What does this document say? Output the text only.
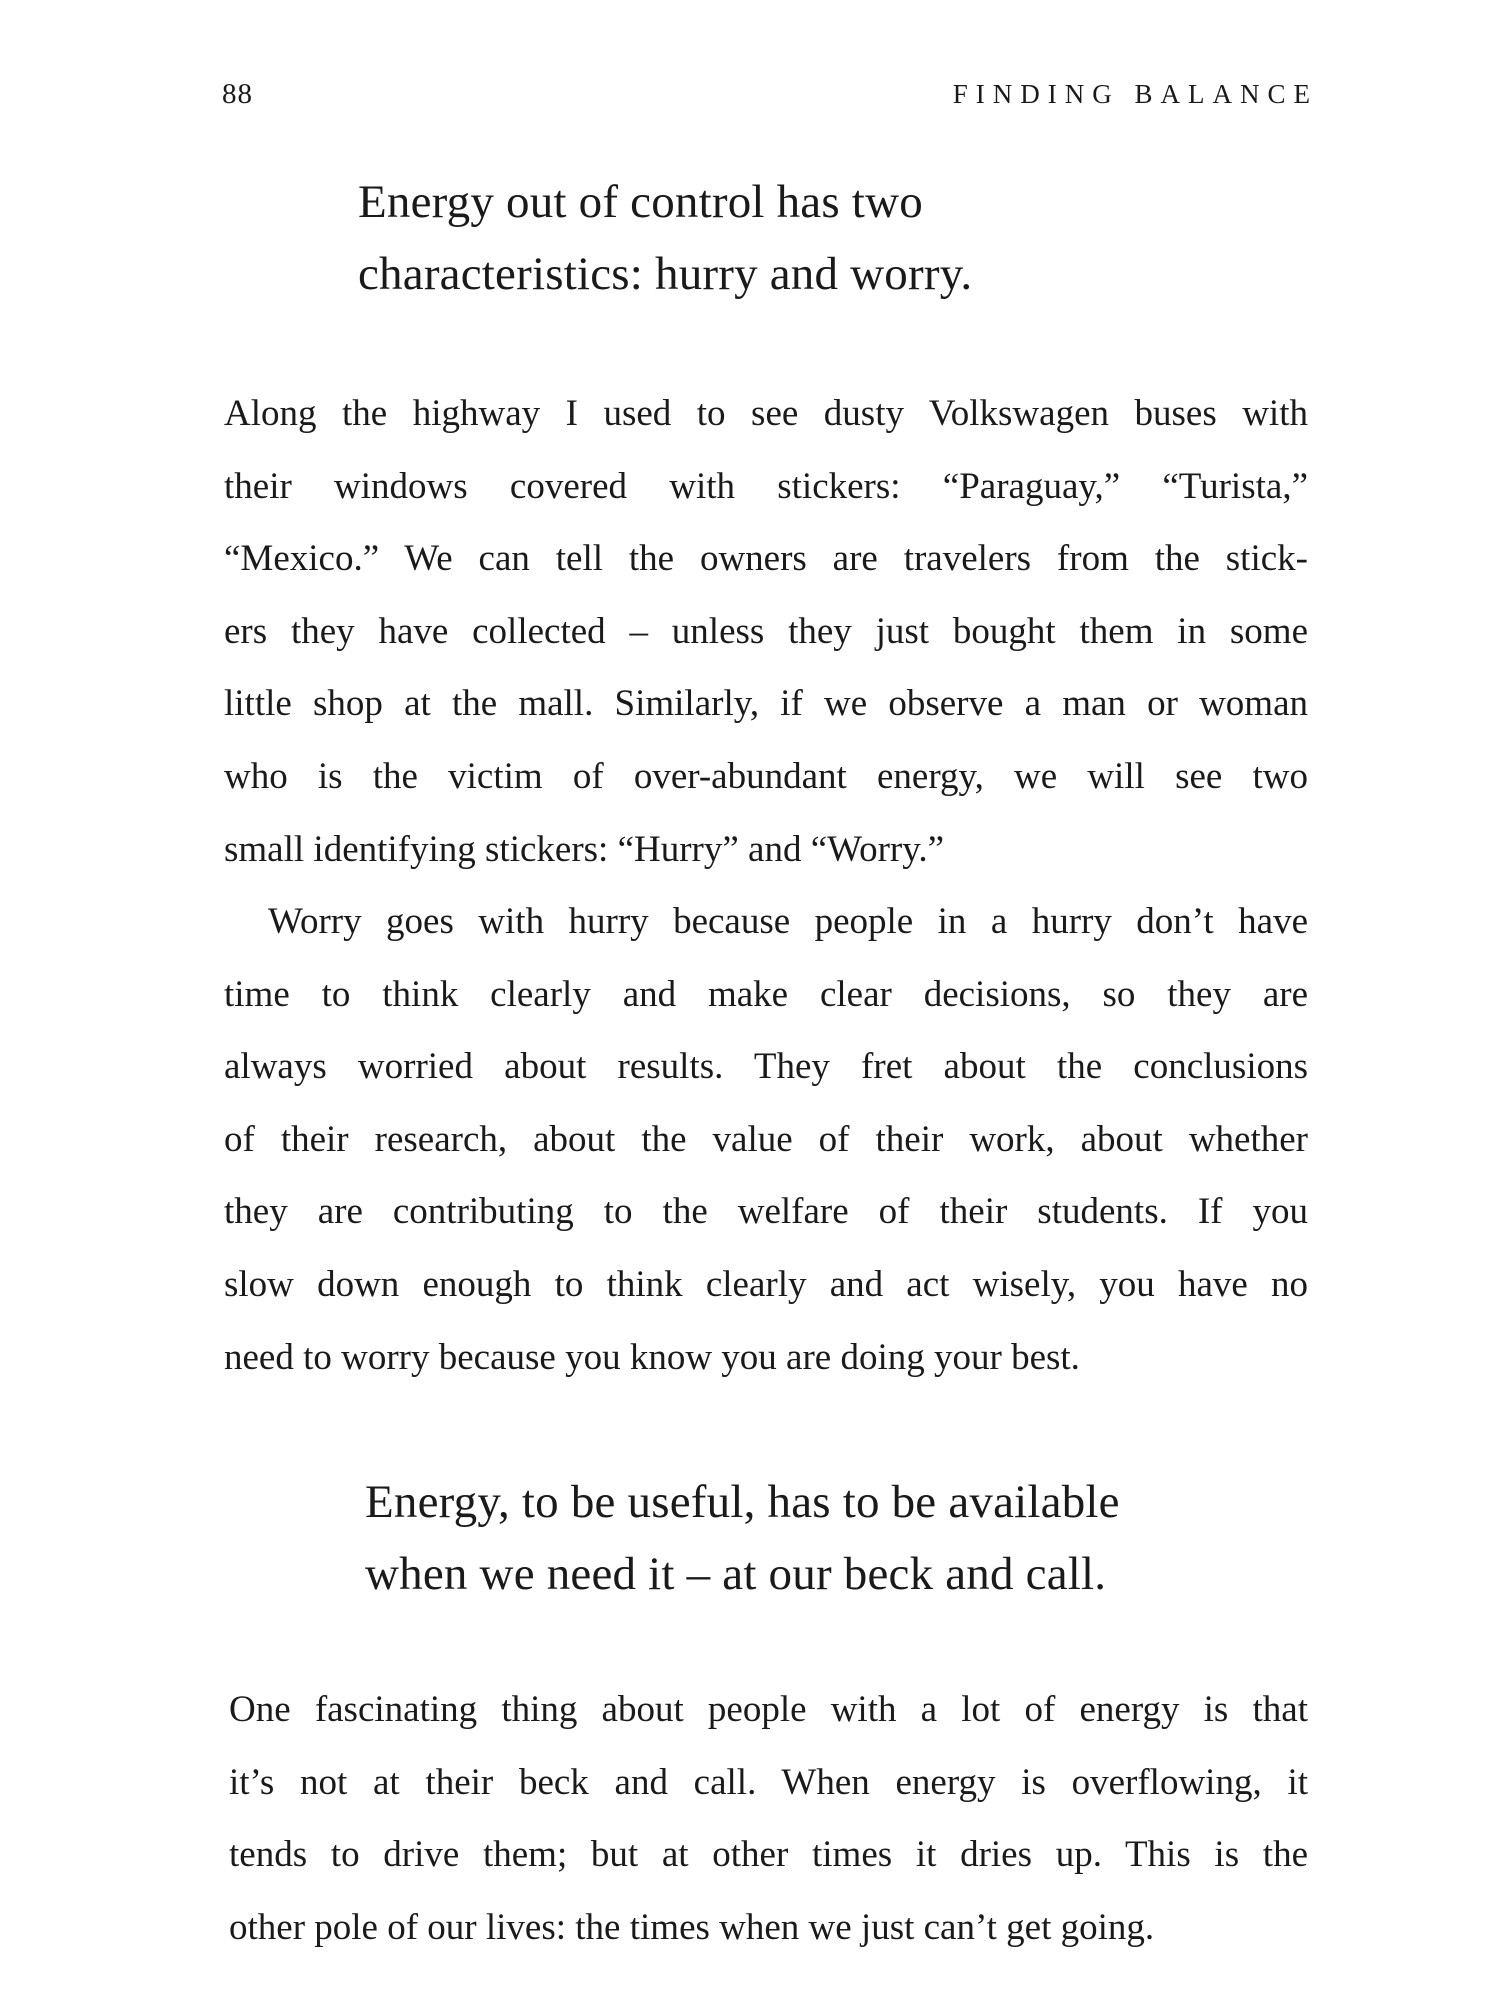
88	FINDING BALANCE
Energy out of control has two
characteristics: hurry and worry.
Along the highway I used to see dusty Volkswagen buses with
their windows covered with stickers: “Paraguay,” “Turista,”
“Mexico.” We can tell the owners are travelers from the stick-
ers they have collected – unless they just bought them in some
little shop at the mall. Similarly, if we observe a man or woman
who is the victim of over-abundant energy, we will see two
small identifying stickers: “Hurry” and “Worry.”
Worry goes with hurry because people in a hurry don’t have
time to think clearly and make clear decisions, so they are
always worried about results. They fret about the conclusions
of their research, about the value of their work, about whether
they are contributing to the welfare of their students. If you
slow down enough to think clearly and act wisely, you have no
need to worry because you know you are doing your best.
Energy, to be useful, has to be available
when we need it – at our beck and call.
One fascinating thing about people with a lot of energy is that
it’s not at their beck and call. When energy is overflowing, it
tends to drive them; but at other times it dries up. This is the
other pole of our lives: the times when we just can’t get going.
